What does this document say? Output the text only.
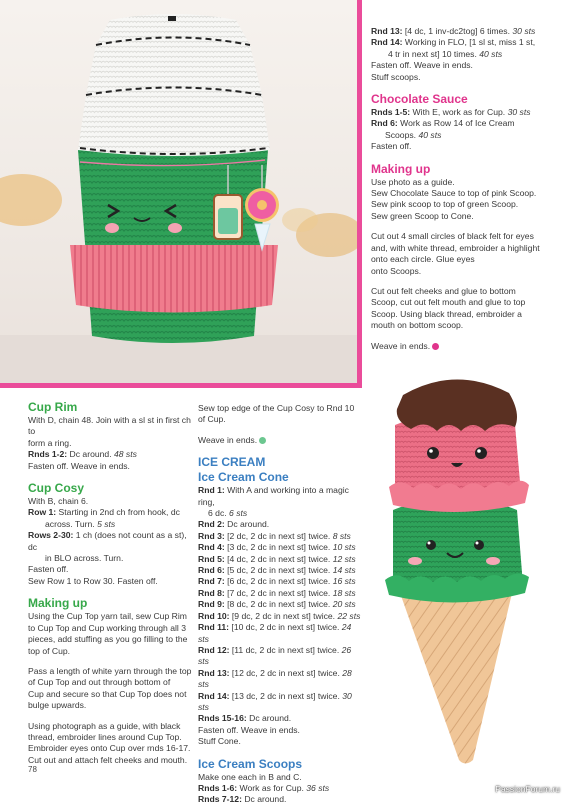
Rnd 13: [4 dc, 1 inv-dc2tog] 6 times. 30 sts

Rnd 14: Working in FLO, [1 sl st, miss 1 st,

4 tr in next st] 10 times. 40 sts

Fasten off. Weave in ends.

Stuff scoops.

Chocolate Sauce

Rnds 1-5: With E, work as for Cup. 30 sts

Rnd 6: Work as Row 14 of Ice Cream

Scoops. 40 sts

Fasten off.

Making up

Use photo as a guide.

Sew Chocolate Sauce to top of pink Scoop.

Sew pink scoop to top of green Scoop.

Sew green Scoop to Cone.

Cut out 4 small circles of black felt for eyes

and, with white thread, embroider a highlight

onto each circle. Glue eyes

onto Scoops.

Cut out felt cheeks and glue to bottom

Scoop, cut out felt mouth and glue to top

Scoop. Using black thread, embroider a

mouth on bottom scoop.

Weave in ends.

Cup Rim

With D, chain 48. Join with a sl st in first ch to

form a ring.

Rnds 1-2: Dc around. 48 sts

Fasten off. Weave in ends.

Cup Cosy

With B, chain 6.

Row 1: Starting in 2nd ch from hook, dc

across. Turn. 5 sts

Rows 2-30: 1 ch (does not count as a st), dc

in BLO across. Turn.

Fasten off.

Sew Row 1 to Row 30. Fasten off.

Making up

Using the Cup Top yarn tail, sew Cup Rim

to Cup Top and Cup working through all 3

pieces, add stuffing as you go filling to the

top of Cup.

Pass a length of white yarn through the top

of Cup Top and out through bottom of

Cup and secure so that Cup Top does not

bulge upwards.

Using photograph as a guide, with black

thread, embroider lines around Cup Top.

Embroider eyes onto Cup over rnds 16-17.

Cut out and attach felt cheeks and mouth.

Sew top edge of the Cup Cosy to Rnd 10

of Cup.

Weave in ends.

ICE CREAM
Ice Cream Cone

Rnd 1: With A and working into a magic ring,

6 dc. 6 sts

Rnd 2: Dc around.

Rnd 3: [2 dc, 2 dc in next st] twice. 8 sts

Rnd 4: [3 dc, 2 dc in next st] twice. 10 sts

Rnd 5: [4 dc, 2 dc in next st] twice. 12 sts

Rnd 6: [5 dc, 2 dc in next st] twice. 14 sts

Rnd 7: [6 dc, 2 dc in next st] twice. 16 sts

Rnd 8: [7 dc, 2 dc in next st] twice. 18 sts

Rnd 9: [8 dc, 2 dc in next st] twice. 20 sts

Rnd 10: [9 dc, 2 dc in next st] twice. 22 sts

Rnd 11: [10 dc, 2 dc in next st] twice. 24 sts

Rnd 12: [11 dc, 2 dc in next st] twice. 26 sts

Rnd 13: [12 dc, 2 dc in next st] twice. 28 sts

Rnd 14: [13 dc, 2 dc in next st] twice. 30 sts

Rnds 15-16: Dc around.

Fasten off. Weave in ends.

Stuff Cone.

Ice Cream Scoops

Make one each in B and C.

Rnds 1-6: Work as for Cup. 36 sts

Rnds 7-12: Dc around.

78
PassionForum.ru
